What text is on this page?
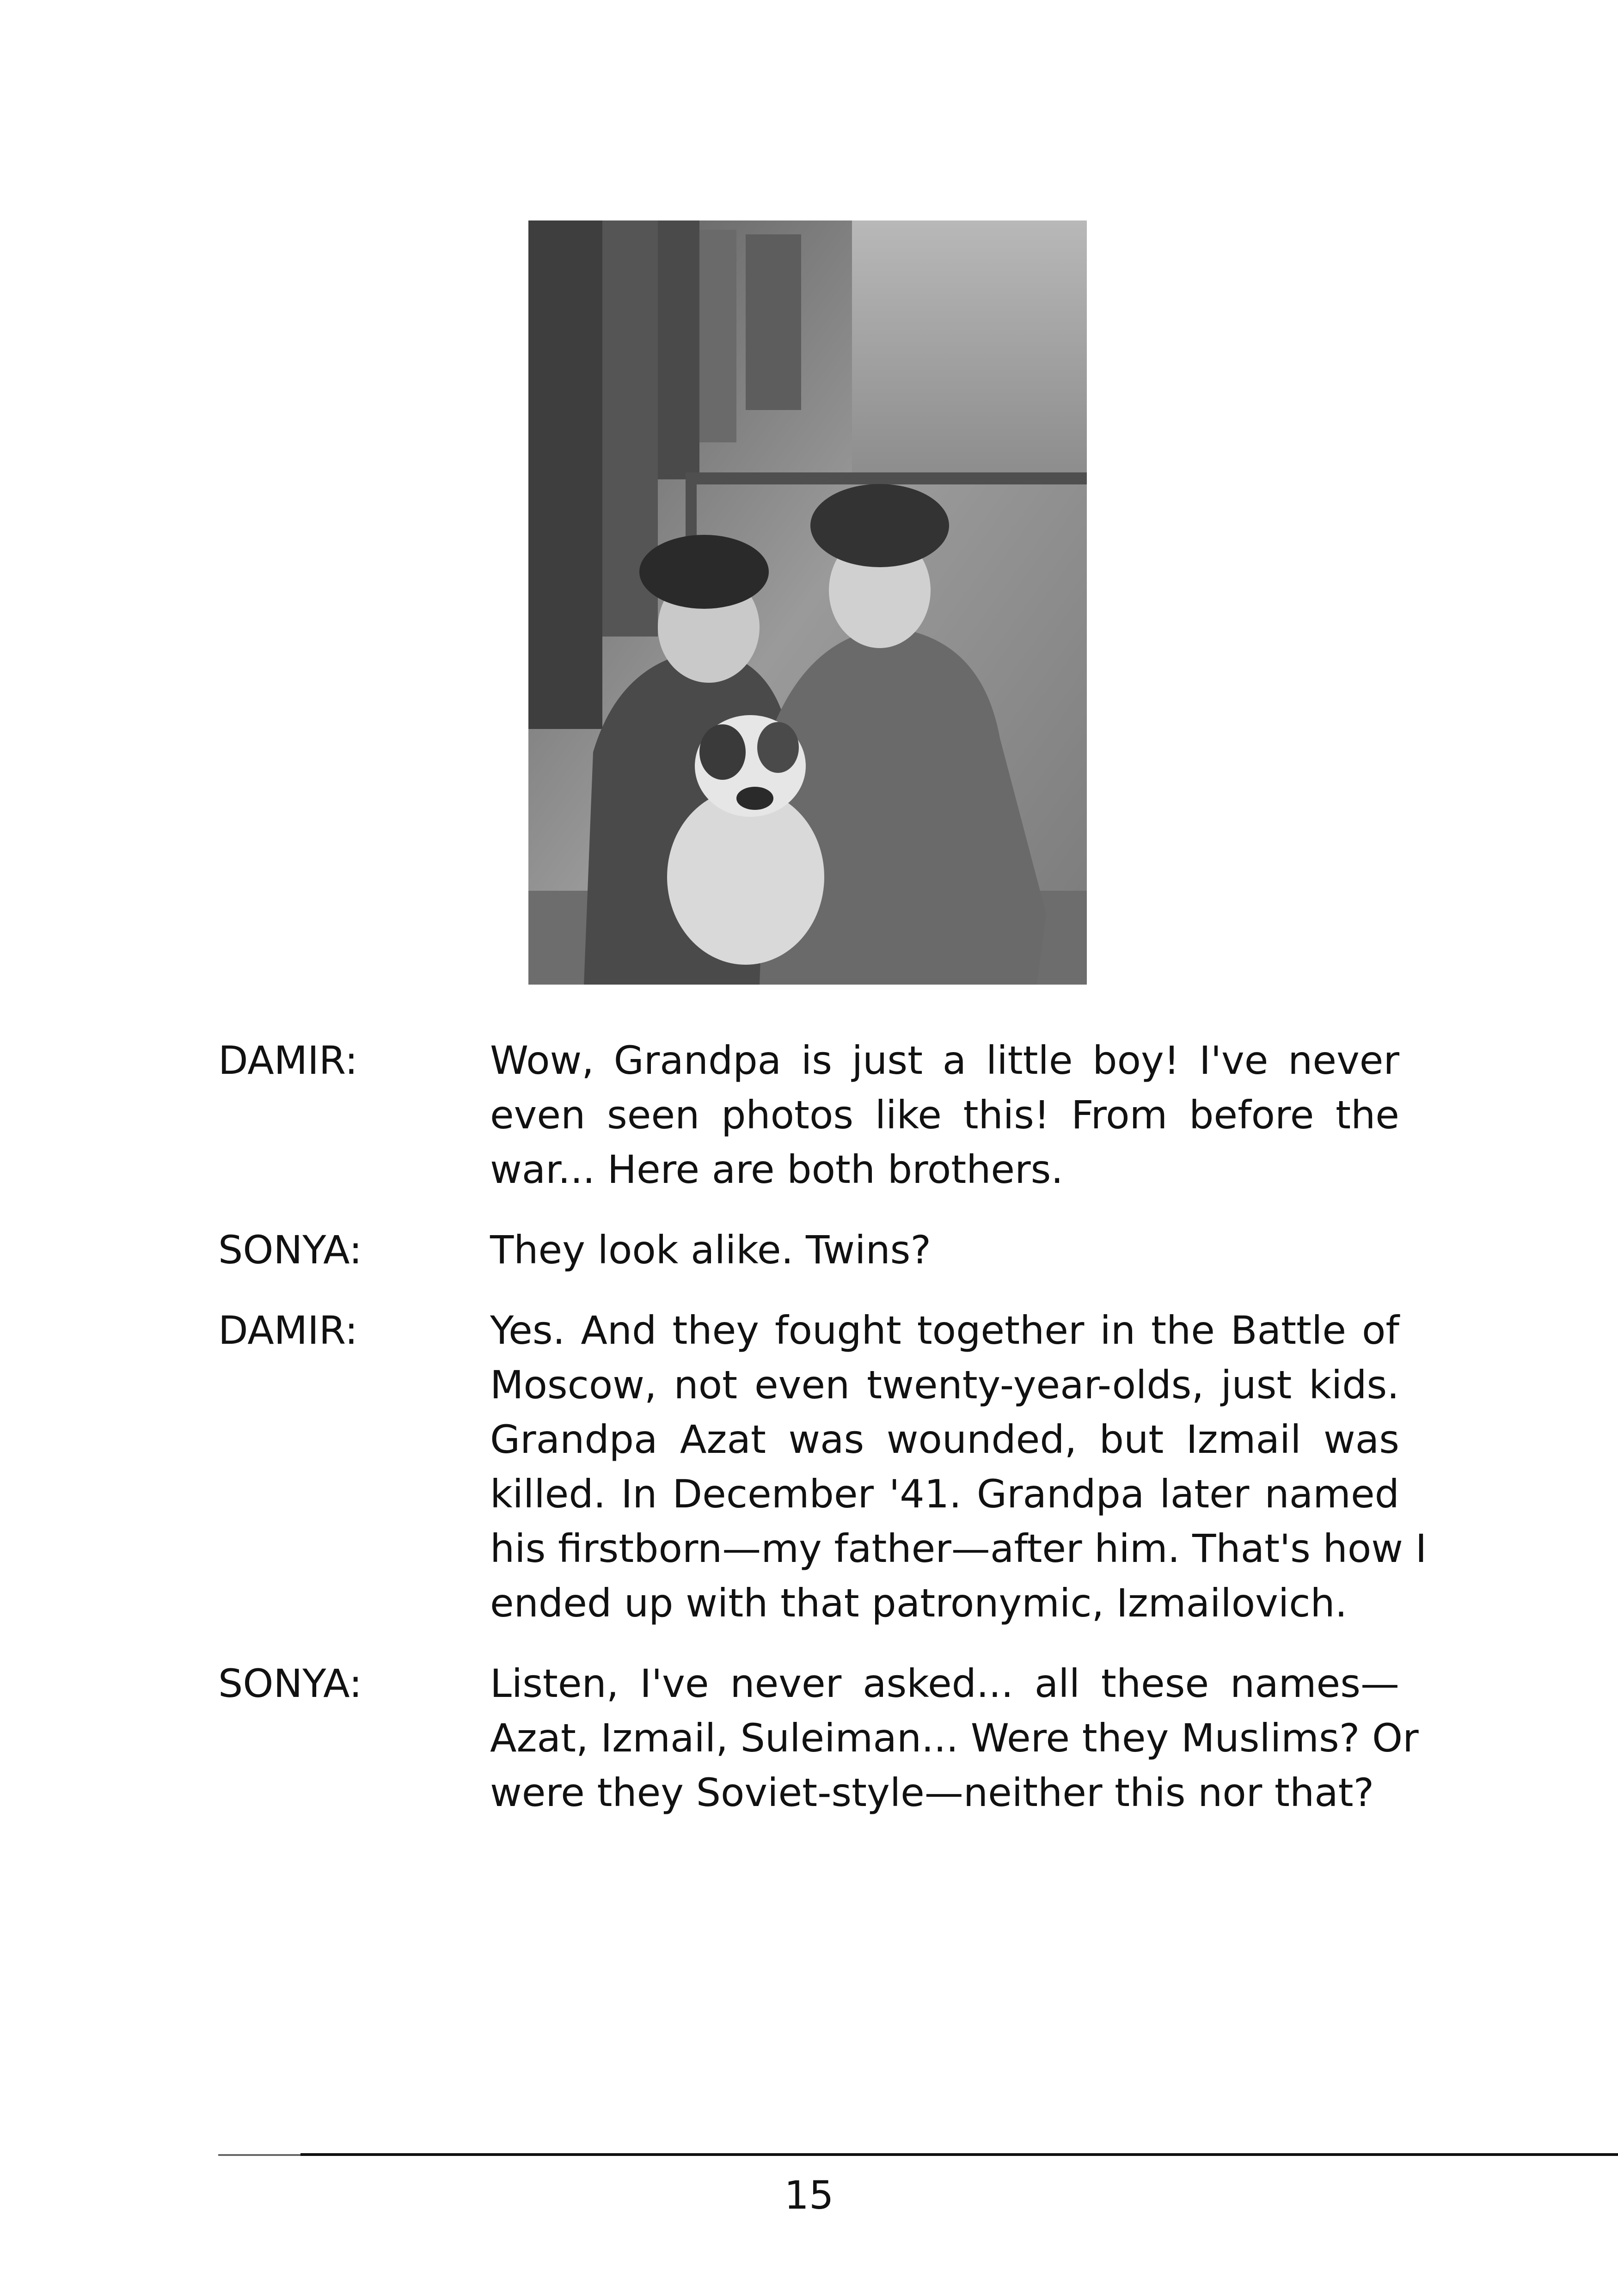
DAMIR:	Wow, Grandpa is just a little boy! I've never
even seen photos like this! From before the
war... Here are both brothers.
SONYA:	They look alike. Twins?
DAMIR:	Yes. And they fought together in the Battle of
Moscow, not even twenty-year-olds, just kids.
Grandpa Azat was wounded, but Izmail was
killed. In December '41. Grandpa later named
his firstborn—my father—after him. That's how I
ended up with that patronymic, Izmailovich.
SONYA:	Listen, I've never asked... all these names—
Azat, Izmail, Suleiman... Were they Muslims? Or
were they Soviet-style—neither this nor that?
15
